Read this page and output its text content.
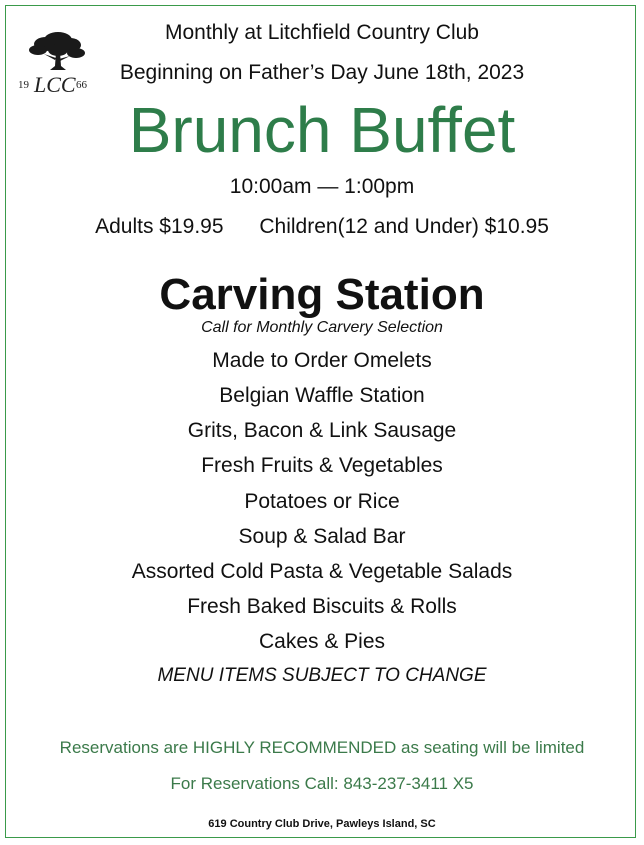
19 LCC 66
Monthly at Litchfield Country Club
Beginning on Father’s Day June 18th, 2023
Brunch Buffet
10:00am — 1:00pm
Adults $19.95 Children(12 and Under) $10.95
Carving Station
Call for Monthly Carvery Selection
Made to Order Omelets
Belgian Waffle Station
Grits, Bacon & Link Sausage
Fresh Fruits & Vegetables
Potatoes or Rice
Soup & Salad Bar
Assorted Cold Pasta & Vegetable Salads
Fresh Baked Biscuits & Rolls
Cakes & Pies
MENU ITEMS SUBJECT TO CHANGE
Reservations are HIGHLY RECOMMENDED as seating will be limited
For Reservations Call: 843-237-3411 X5
619 Country Club Drive, Pawleys Island, SC
